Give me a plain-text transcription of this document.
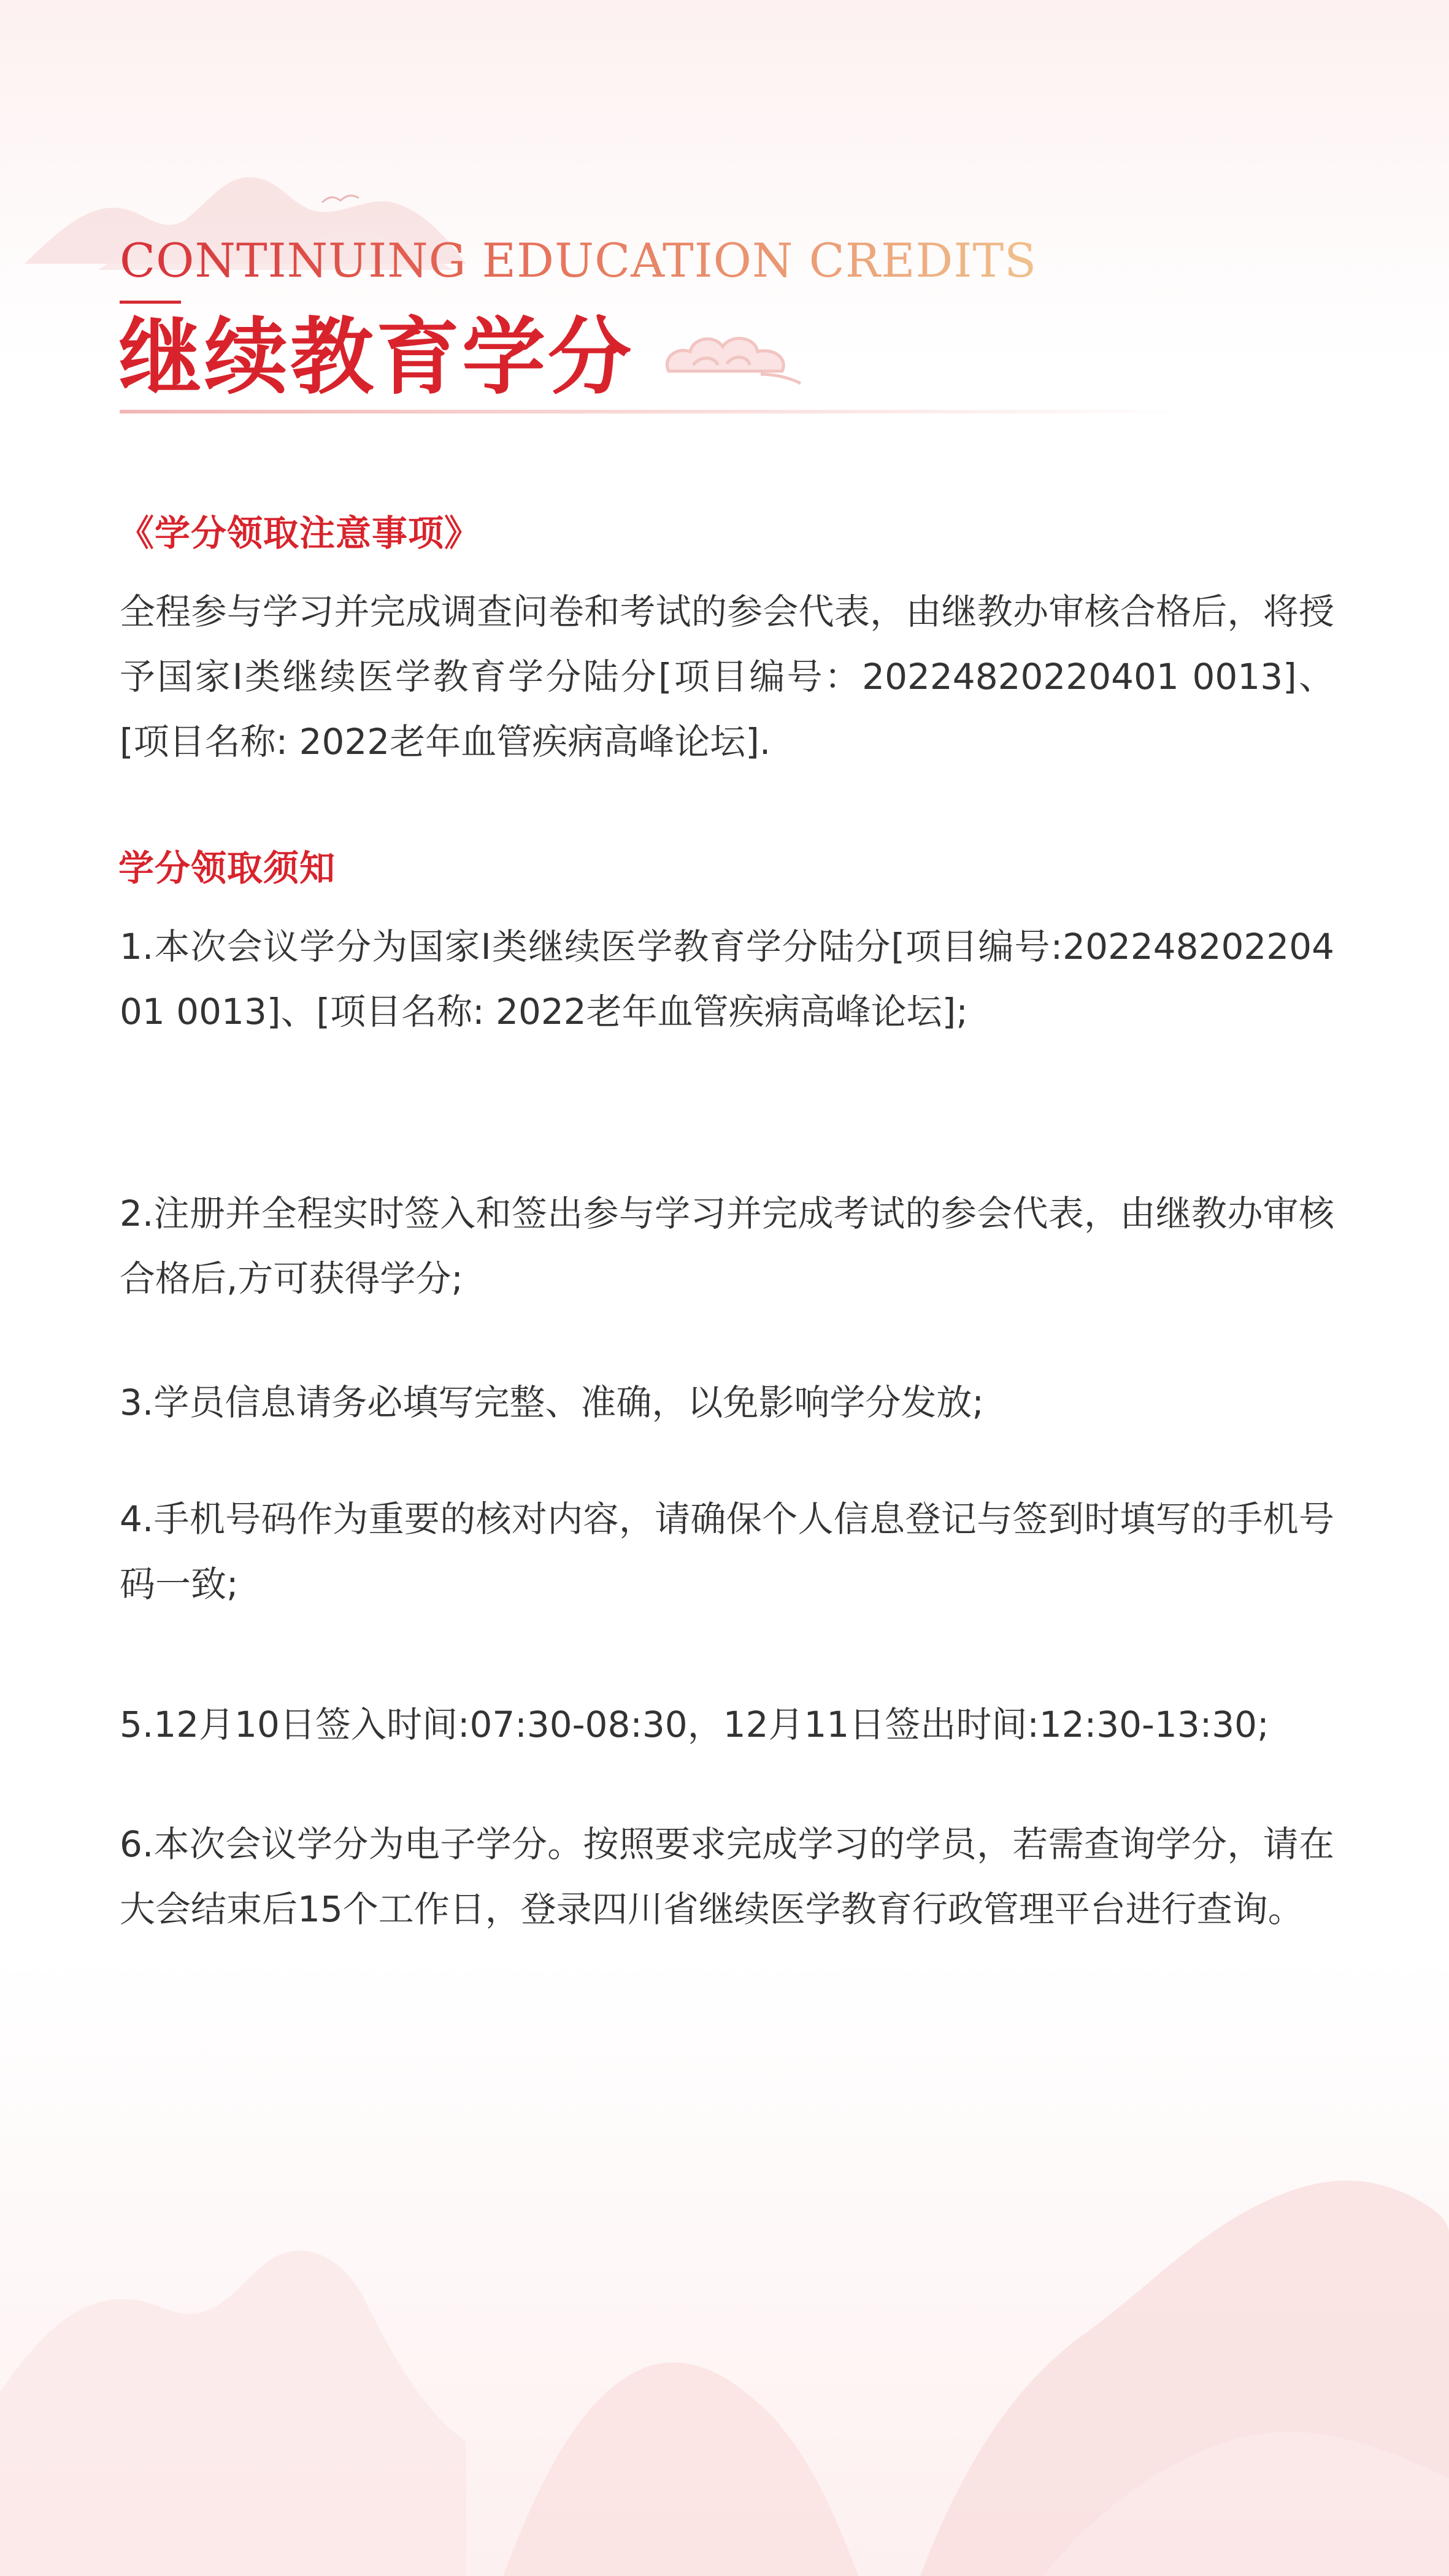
CONTINUING EDUCATION CREDITS
继续教育学分
《学分领取注意事项》
全程参与学习并完成调查问卷和考试的参会代表，由继教办审核合格后，将授予国家I类继续医学教育学分陆分[项目编号：20224820220401 0013]、[项目名称: 2022老年血管疾病高峰论坛].
学分领取须知
1.本次会议学分为国家I类继续医学教育学分陆分[项目编号:20224820220401 0013]、[项目名称: 2022老年血管疾病高峰论坛];
2.注册并全程实时签入和签出参与学习并完成考试的参会代表，由继教办审核合格后,方可获得学分;
3.学员信息请务必填写完整、准确，以免影响学分发放;
4.手机号码作为重要的核对内容，请确保个人信息登记与签到时填写的手机号码一致;
5.12月10日签入时间:07:30-08:30，12月11日签出时间:12:30-13:30;
6.本次会议学分为电子学分。按照要求完成学习的学员，若需查询学分，请在大会结束后15个工作日，登录四川省继续医学教育行政管理平台进行查询。
